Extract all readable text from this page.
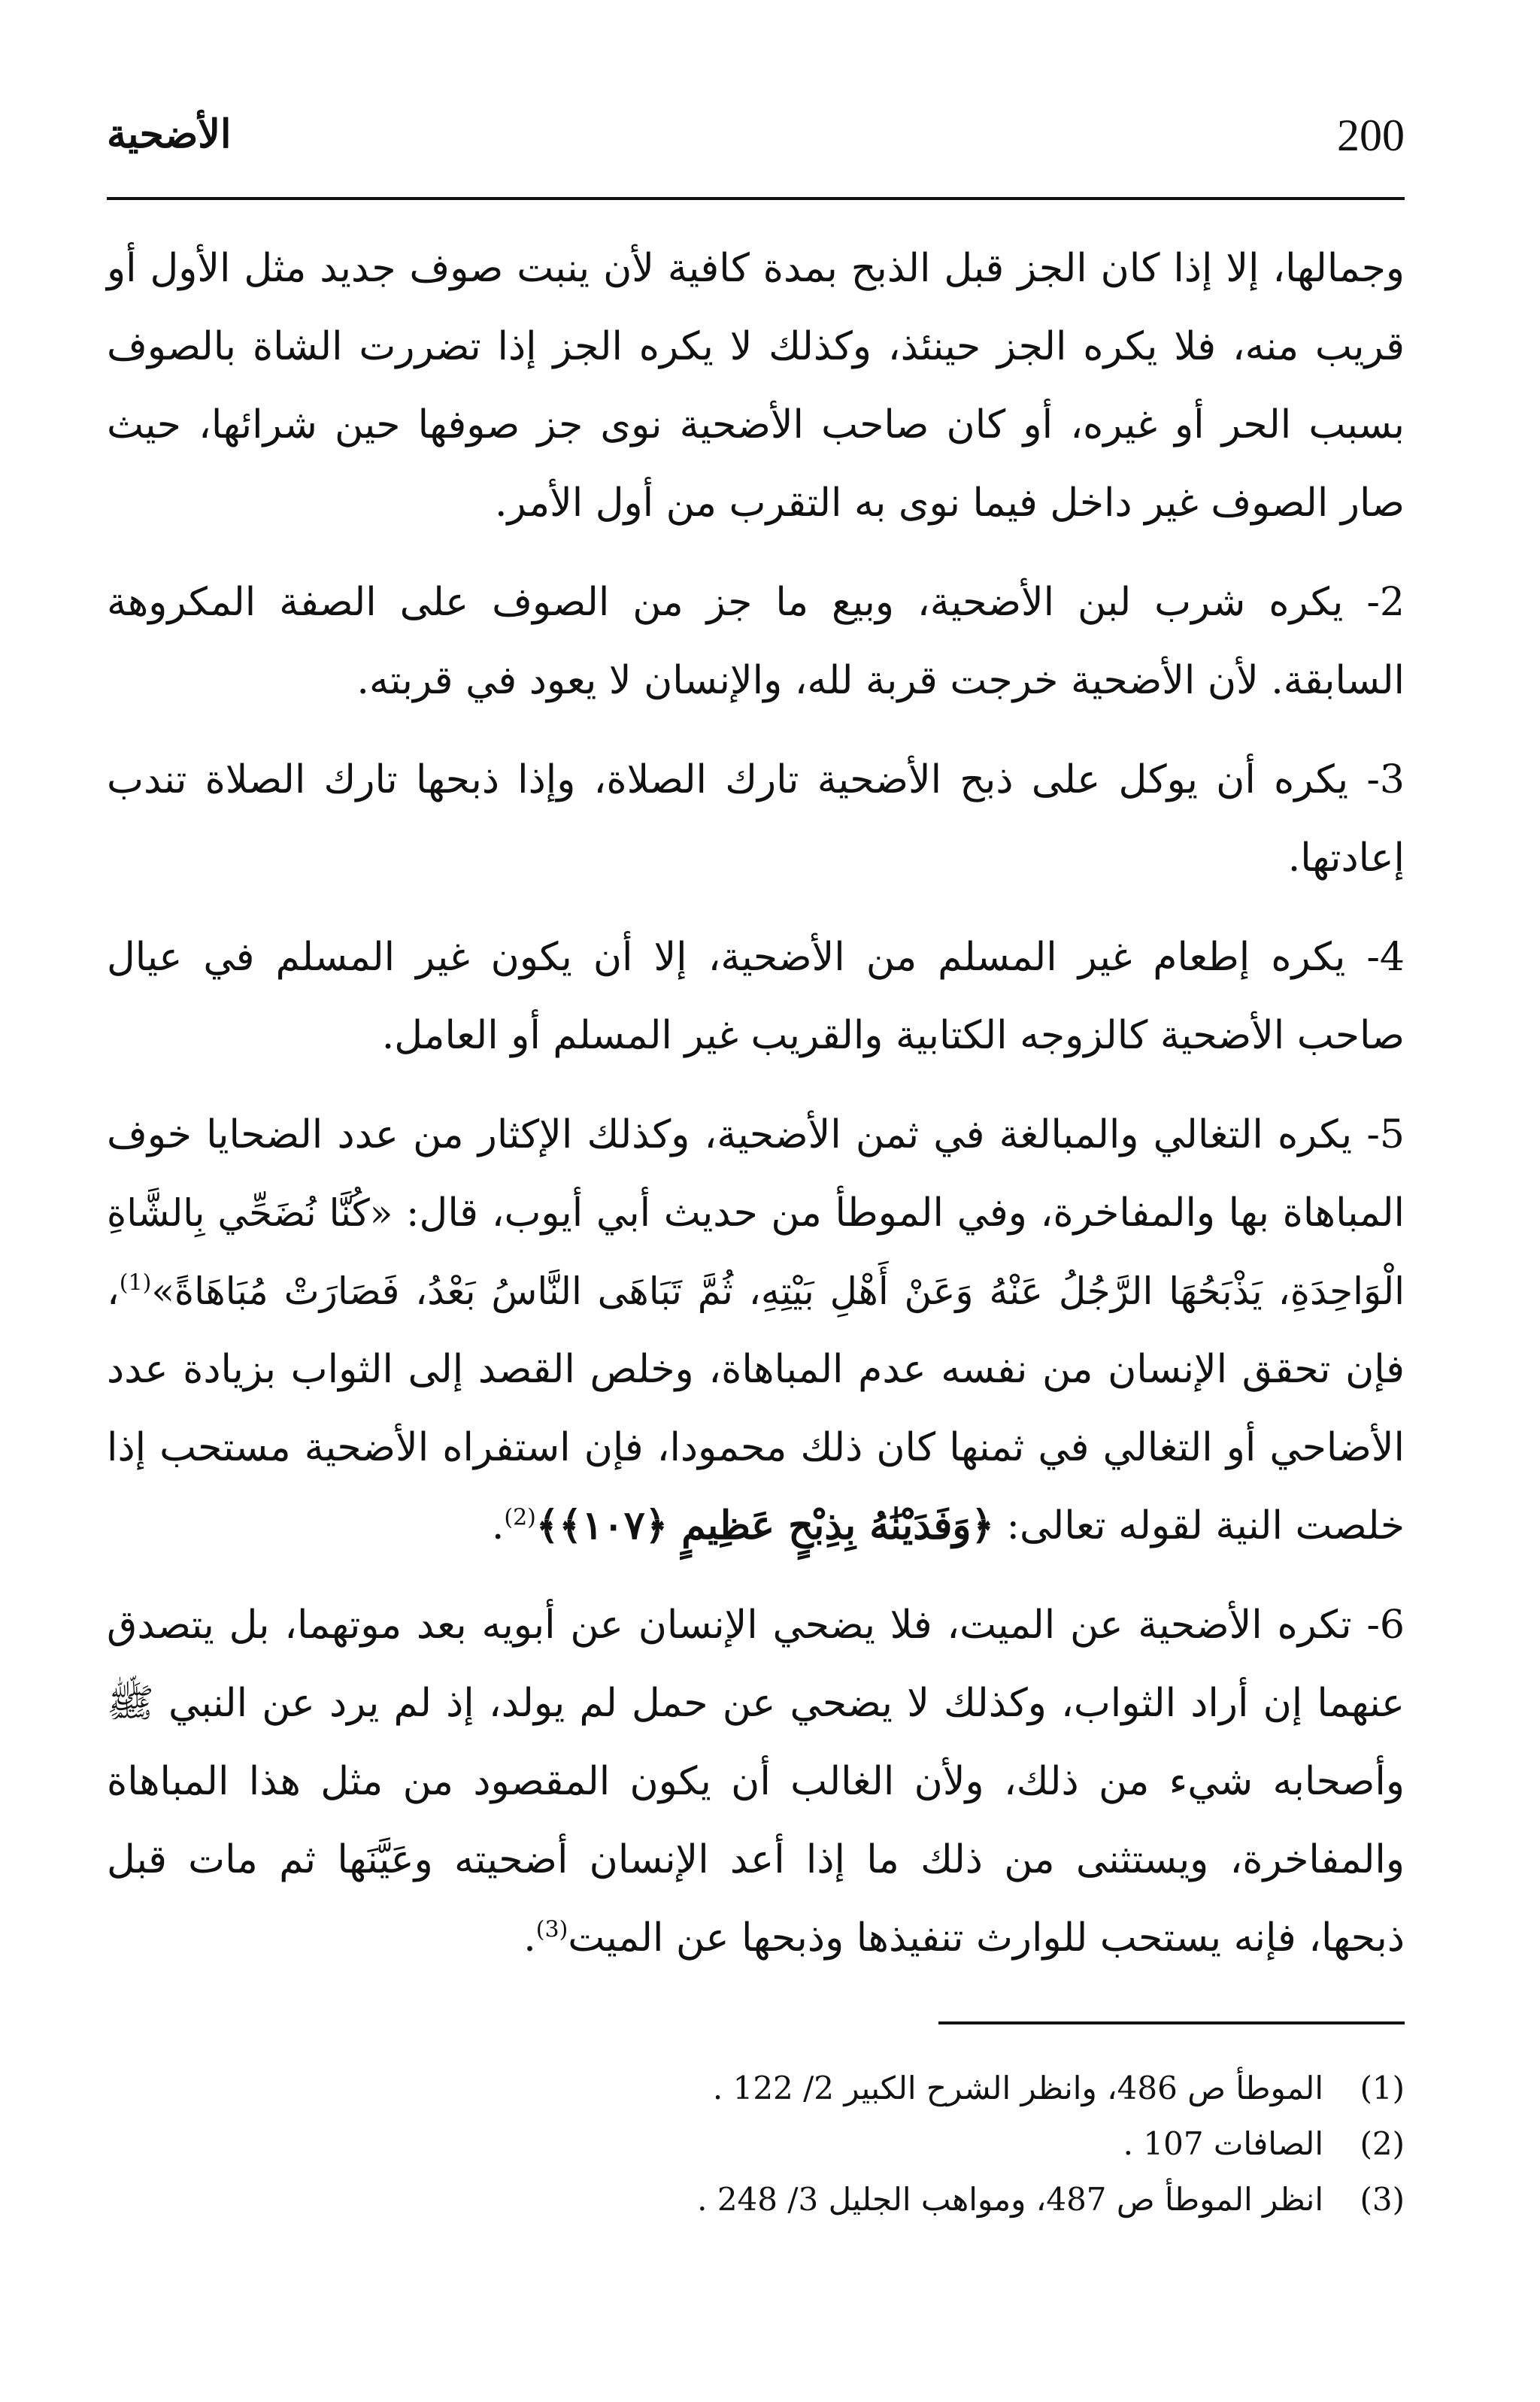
200
الأضحية

وجمالها، إلا إذا كان الجز قبل الذبح بمدة كافية لأن ينبت صوف جديد مثل الأول أو قريب منه، فلا يكره الجز حينئذ، وكذلك لا يكره الجز إذا تضررت الشاة بالصوف بسبب الحر أو غيره، أو كان صاحب الأضحية نوى جز صوفها حين شرائها، حيث صار الصوف غير داخل فيما نوى به التقرب من أول الأمر.

2- يكره شرب لبن الأضحية، وبيع ما جز من الصوف على الصفة المكروهة السابقة. لأن الأضحية خرجت قربة لله، والإنسان لا يعود في قربته.

3- يكره أن يوكل على ذبح الأضحية تارك الصلاة، وإذا ذبحها تارك الصلاة تندب إعادتها.

4- يكره إطعام غير المسلم من الأضحية، إلا أن يكون غير المسلم في عيال صاحب الأضحية كالزوجه الكتابية والقريب غير المسلم أو العامل.

5- يكره التغالي والمبالغة في ثمن الأضحية، وكذلك الإكثار من عدد الضحايا خوف المباهاة بها والمفاخرة، وفي الموطأ من حديث أبي أيوب، قال: «كُنَّا نُضَحِّي بِالشَّاةِ الْوَاحِدَةِ، يَذْبَحُهَا الرَّجُلُ عَنْهُ وَعَنْ أَهْلِ بَيْتِهِ، ثُمَّ تَبَاهَى النَّاسُ بَعْدُ، فَصَارَتْ مُبَاهَاةً»$^{(1)}$، فإن تحقق الإنسان من نفسه عدم المباهاة، وخلص القصد إلى الثواب بزيادة عدد الأضاحي أو التغالي في ثمنها كان ذلك محمودا، فإن استفراه الأضحية مستحب إذا خلصت النية لقوله تعالى: ﴿وَفَدَيْنَٰهُ بِذِبْحٍ عَظِيمٍ ﴿١٠٧﴾﴾$^{(2)}$.

6- تكره الأضحية عن الميت، فلا يضحي الإنسان عن أبويه بعد موتهما، بل يتصدق عنهما إن أراد الثواب، وكذلك لا يضحي عن حمل لم يولد، إذ لم يرد عن النبي ﷺ وأصحابه شيء من ذلك، ولأن الغالب أن يكون المقصود من مثل هذا المباهاة والمفاخرة، ويستثنى من ذلك ما إذا أعد الإنسان أضحيته وعَيَّنَها ثم مات قبل ذبحها، فإنه يستحب للوارث تنفيذها وذبحها عن الميت$^{(3)}$.

(1)
الموطأ ص 486، وانظر الشرح الكبير 2/ 122 .
(2)
الصافات 107 .
(3)
انظر الموطأ ص 487، ومواهب الجليل 3/ 248 .
